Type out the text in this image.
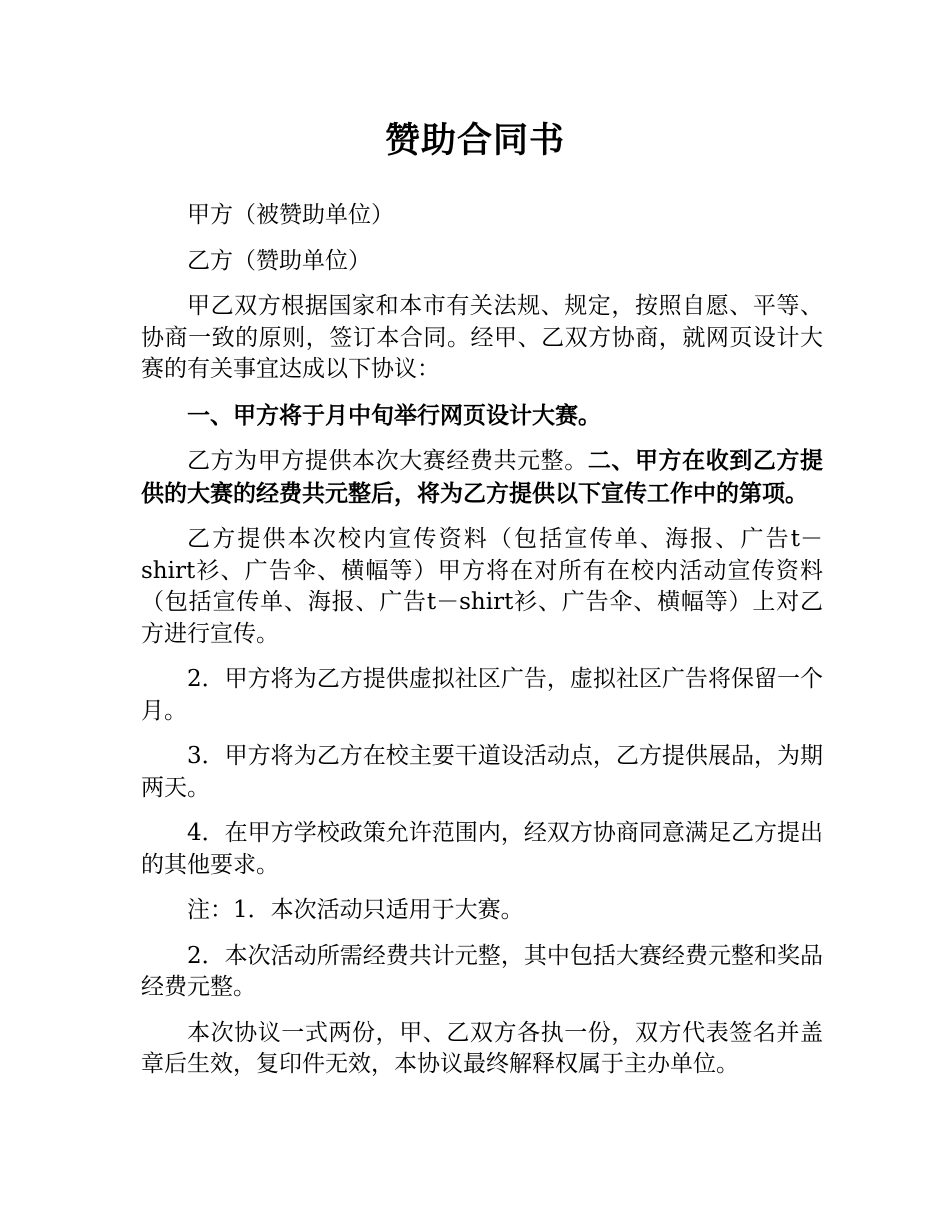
赞助合同书

甲方（被赞助单位）

乙方（赞助单位）

甲乙双方根据国家和本市有关法规、规定，按照自愿、平等、协商一致的原则，签订本合同。经甲、乙双方协商，就网页设计大赛的有关事宜达成以下协议：

一、甲方将于月中旬举行网页设计大赛。

乙方为甲方提供本次大赛经费共元整。二、甲方在收到乙方提供的大赛的经费共元整后，将为乙方提供以下宣传工作中的第项。

乙方提供本次校内宣传资料（包括宣传单、海报、广告t－shirt衫、广告伞、横幅等）甲方将在对所有在校内活动宣传资料（包括宣传单、海报、广告t－shirt衫、广告伞、横幅等）上对乙方进行宣传。

2．甲方将为乙方提供虚拟社区广告，虚拟社区广告将保留一个月。

3．甲方将为乙方在校主要干道设活动点，乙方提供展品，为期两天。

4．在甲方学校政策允许范围内，经双方协商同意满足乙方提出的其他要求。

注：1．本次活动只适用于大赛。

2．本次活动所需经费共计元整，其中包括大赛经费元整和奖品经费元整。

本次协议一式两份，甲、乙双方各执一份，双方代表签名并盖章后生效，复印件无效，本协议最终解释权属于主办单位。
